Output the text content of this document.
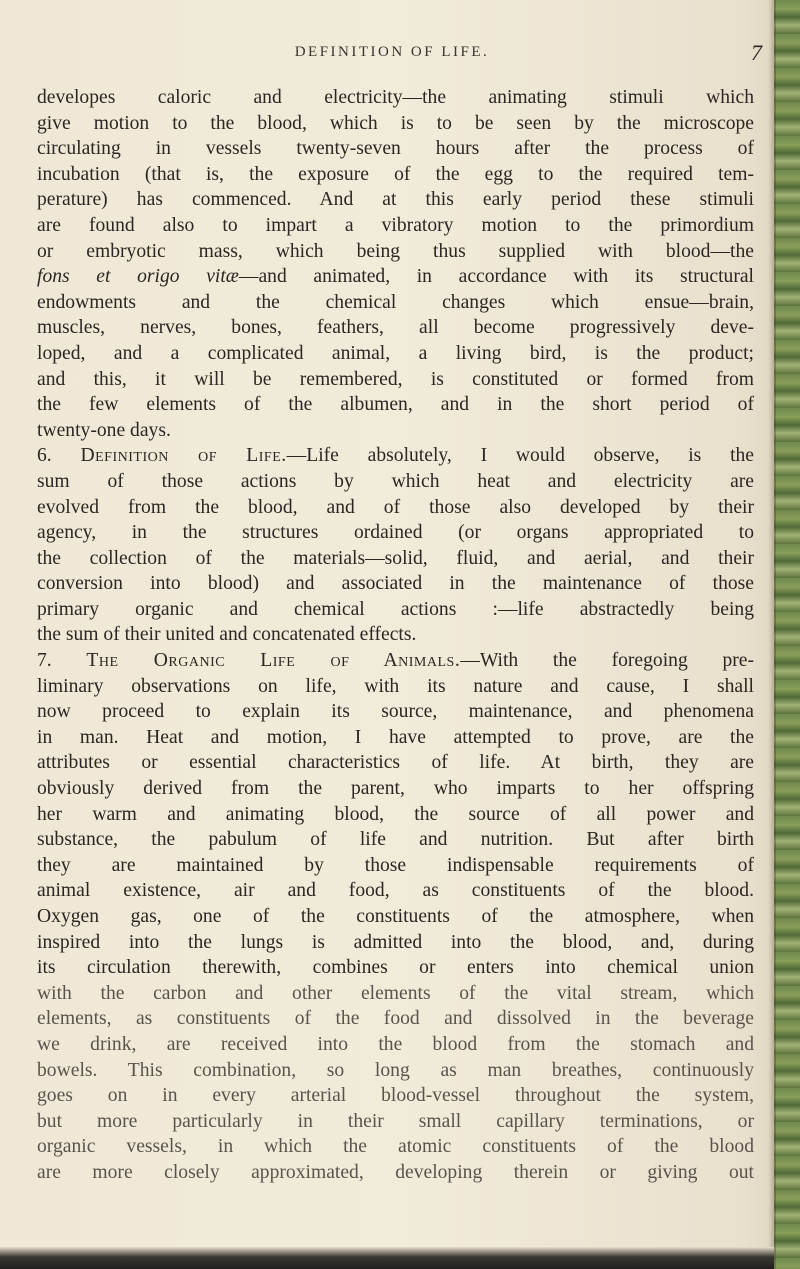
DEFINITION OF LIFE.	7
developes caloric and electricity—the animating stimuli which
give motion to the blood, which is to be seen by the microscope
circulating in vessels twenty-seven hours after the process of
incubation (that is, the exposure of the egg to the required tem-
perature) has commenced. And at this early period these stimuli
are found also to impart a vibratory motion to the primordium
or embryotic mass, which being thus supplied with blood—the
fons et origo vitæ—and animated, in accordance with its structural
endowments and the chemical changes which ensue—brain,
muscles, nerves, bones, feathers, all become progressively deve-
loped, and a complicated animal, a living bird, is the product;
and this, it will be remembered, is constituted or formed from
the few elements of the albumen, and in the short period of
twenty-one days.
6. Definition of Life.—Life absolutely, I would observe, is the
sum of those actions by which heat and electricity are
evolved from the blood, and of those also developed by their
agency, in the structures ordained (or organs appropriated to
the collection of the materials—solid, fluid, and aerial, and their
conversion into blood) and associated in the maintenance of those
primary organic and chemical actions :—life abstractedly being
the sum of their united and concatenated effects.
7. The Organic Life of Animals.—With the foregoing pre-
liminary observations on life, with its nature and cause, I shall
now proceed to explain its source, maintenance, and phenomena
in man. Heat and motion, I have attempted to prove, are the
attributes or essential characteristics of life. At birth, they are
obviously derived from the parent, who imparts to her offspring
her warm and animating blood, the source of all power and
substance, the pabulum of life and nutrition. But after birth
they are maintained by those indispensable requirements of
animal existence, air and food, as constituents of the blood.
Oxygen gas, one of the constituents of the atmosphere, when
inspired into the lungs is admitted into the blood, and, during
its circulation therewith, combines or enters into chemical union
with the carbon and other elements of the vital stream, which
elements, as constituents of the food and dissolved in the beverage
we drink, are received into the blood from the stomach and
bowels. This combination, so long as man breathes, continuously
goes on in every arterial blood-vessel throughout the system,
but more particularly in their small capillary terminations, or
organic vessels, in which the atomic constituents of the blood
are more closely approximated, developing therein or giving out
